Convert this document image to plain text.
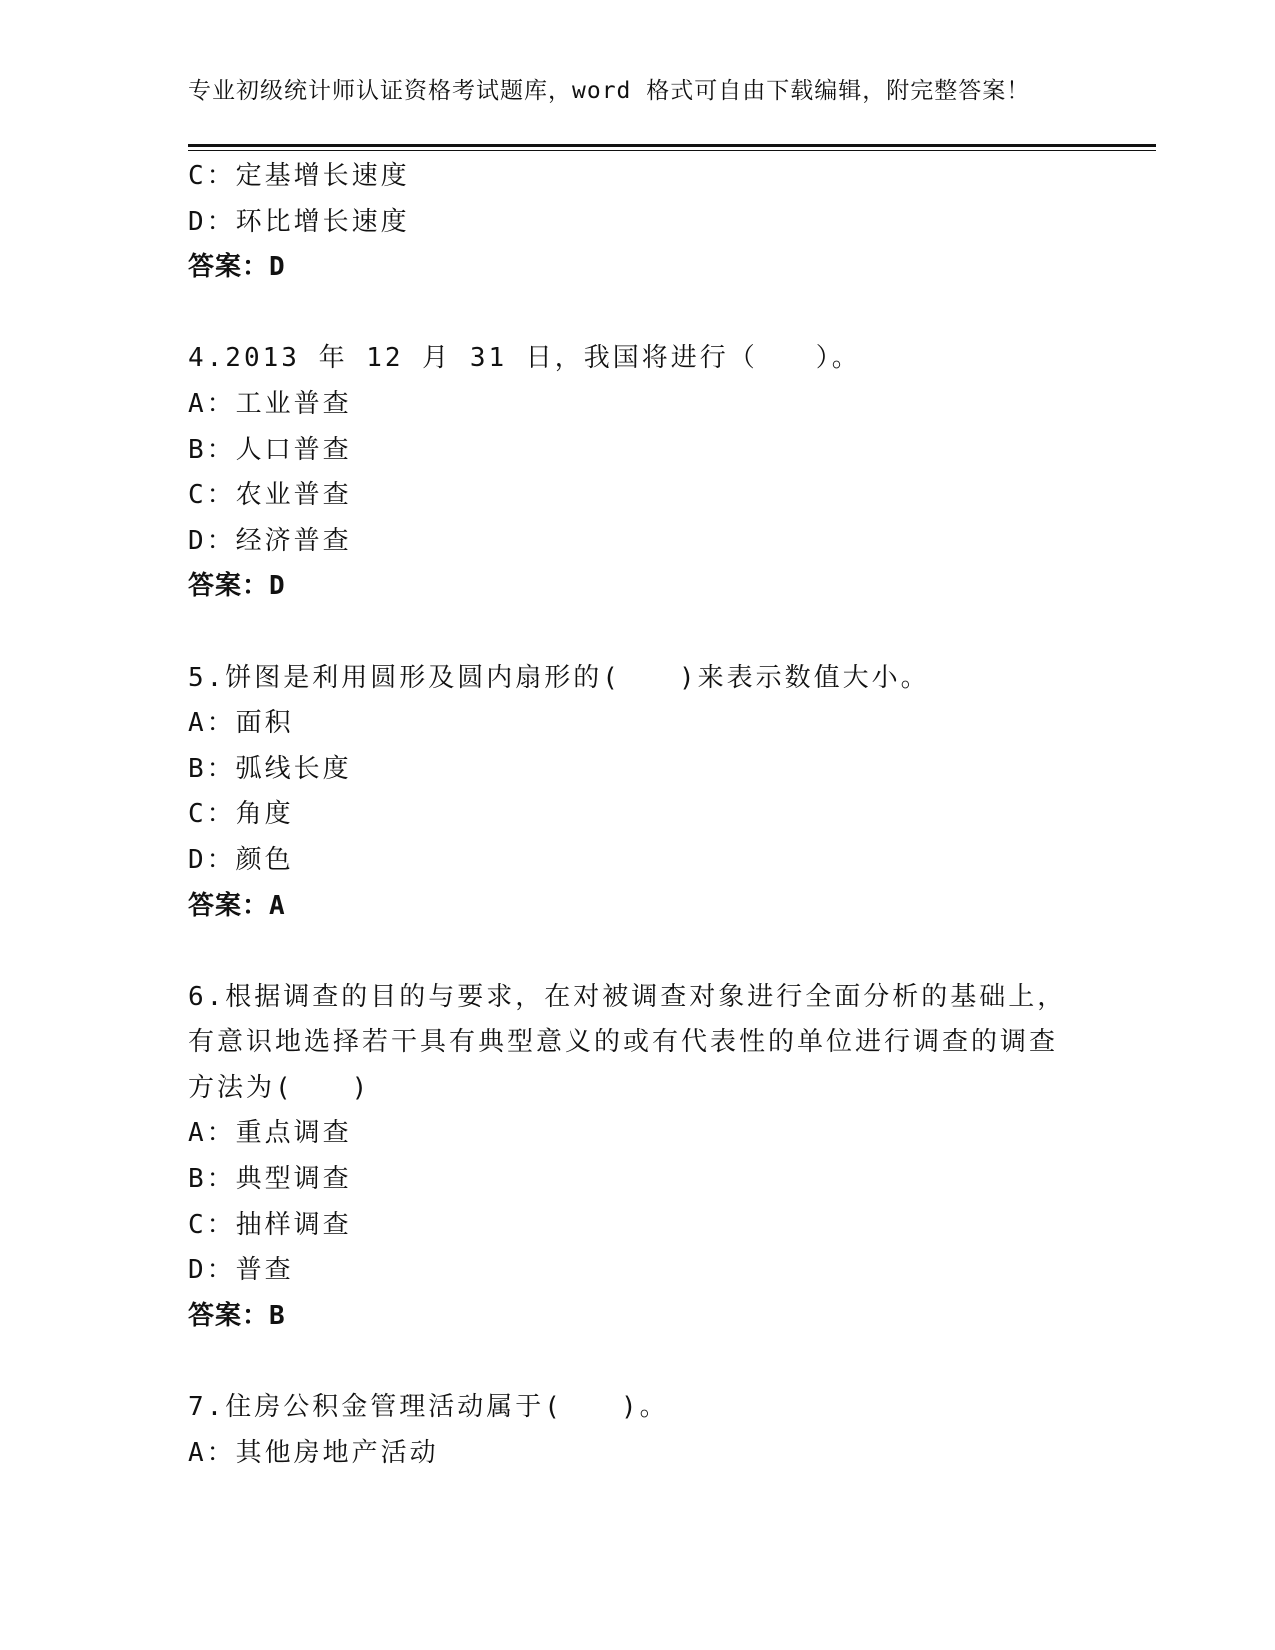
专业初级统计师认证资格考试题库，word 格式可自由下载编辑，附完整答案！
C：定基增长速度
D：环比增长速度
答案：D
4.2013 年 12 月 31 日，我国将进行（　　）。
A：工业普查
B：人口普查
C：农业普查
D：经济普查
答案：D
5.饼图是利用圆形及圆内扇形的(　　)来表示数值大小。
A：面积
B：弧线长度
C：角度
D：颜色
答案：A
6.根据调查的目的与要求，在对被调查对象进行全面分析的基础上，
有意识地选择若干具有典型意义的或有代表性的单位进行调查的调查
方法为(　　)
A：重点调查
B：典型调查
C：抽样调查
D：普查
答案：B
7.住房公积金管理活动属于(　　)。
A：其他房地产活动
